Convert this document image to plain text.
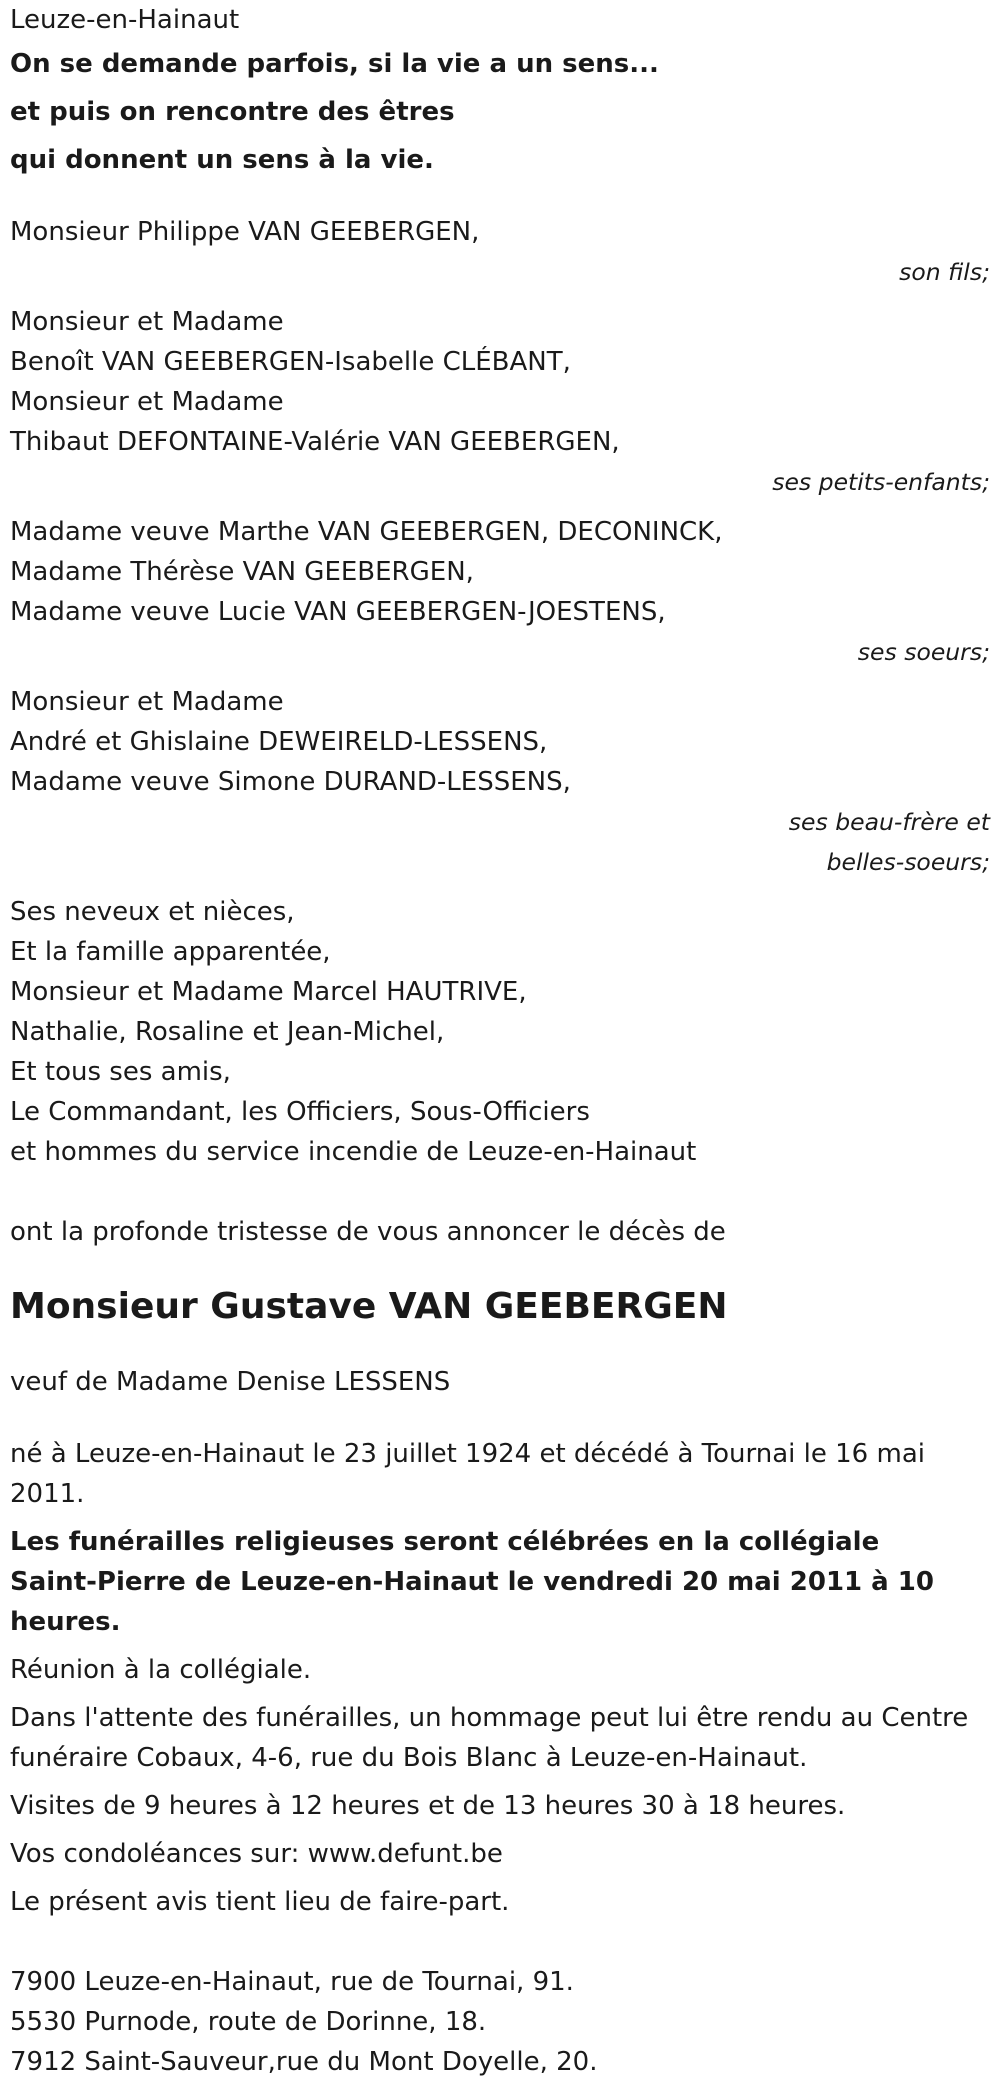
Leuze-en-Hainaut

On se demande parfois, si la vie a un sens...

et puis on rencontre des êtres

qui donnent un sens à la vie.

Monsieur Philippe VAN GEEBERGEN,

son fils;

Monsieur et Madame

Benoît VAN GEEBERGEN-Isabelle CLÉBANT,

Monsieur et Madame

Thibaut DEFONTAINE-Valérie VAN GEEBERGEN,

ses petits-enfants;

Madame veuve Marthe VAN GEEBERGEN, DECONINCK,

Madame Thérèse VAN GEEBERGEN,

Madame veuve Lucie VAN GEEBERGEN-JOESTENS,

ses soeurs;

Monsieur et Madame

André et Ghislaine DEWEIRELD-LESSENS,

Madame veuve Simone DURAND-LESSENS,

ses beau-frère et

belles-soeurs;

Ses neveux et nièces,

Et la famille apparentée,

Monsieur et Madame Marcel HAUTRIVE,

Nathalie, Rosaline et Jean-Michel,

Et tous ses amis,

Le Commandant, les Officiers, Sous-Officiers

et hommes du service incendie de Leuze-en-Hainaut

ont la profonde tristesse de vous annoncer le décès de

Monsieur Gustave VAN GEEBERGEN

veuf de Madame Denise LESSENS

né à Leuze-en-Hainaut le 23 juillet 1924 et décédé à Tournai le 16 mai 2011.

Les funérailles religieuses seront célébrées en la collégiale Saint-Pierre de Leuze-en-Hainaut le vendredi 20 mai 2011 à 10 heures.

Réunion à la collégiale.

Dans l'attente des funérailles, un hommage peut lui être rendu au Centre funéraire Cobaux, 4-6, rue du Bois Blanc à Leuze-en-Hainaut.

Visites de 9 heures à 12 heures et de 13 heures 30 à 18 heures.

Vos condoléances sur: www.defunt.be

Le présent avis tient lieu de faire-part.

7900 Leuze-en-Hainaut, rue de Tournai, 91.

5530 Purnode, route de Dorinne, 18.

7912 Saint-Sauveur,rue du Mont Doyelle, 20.
